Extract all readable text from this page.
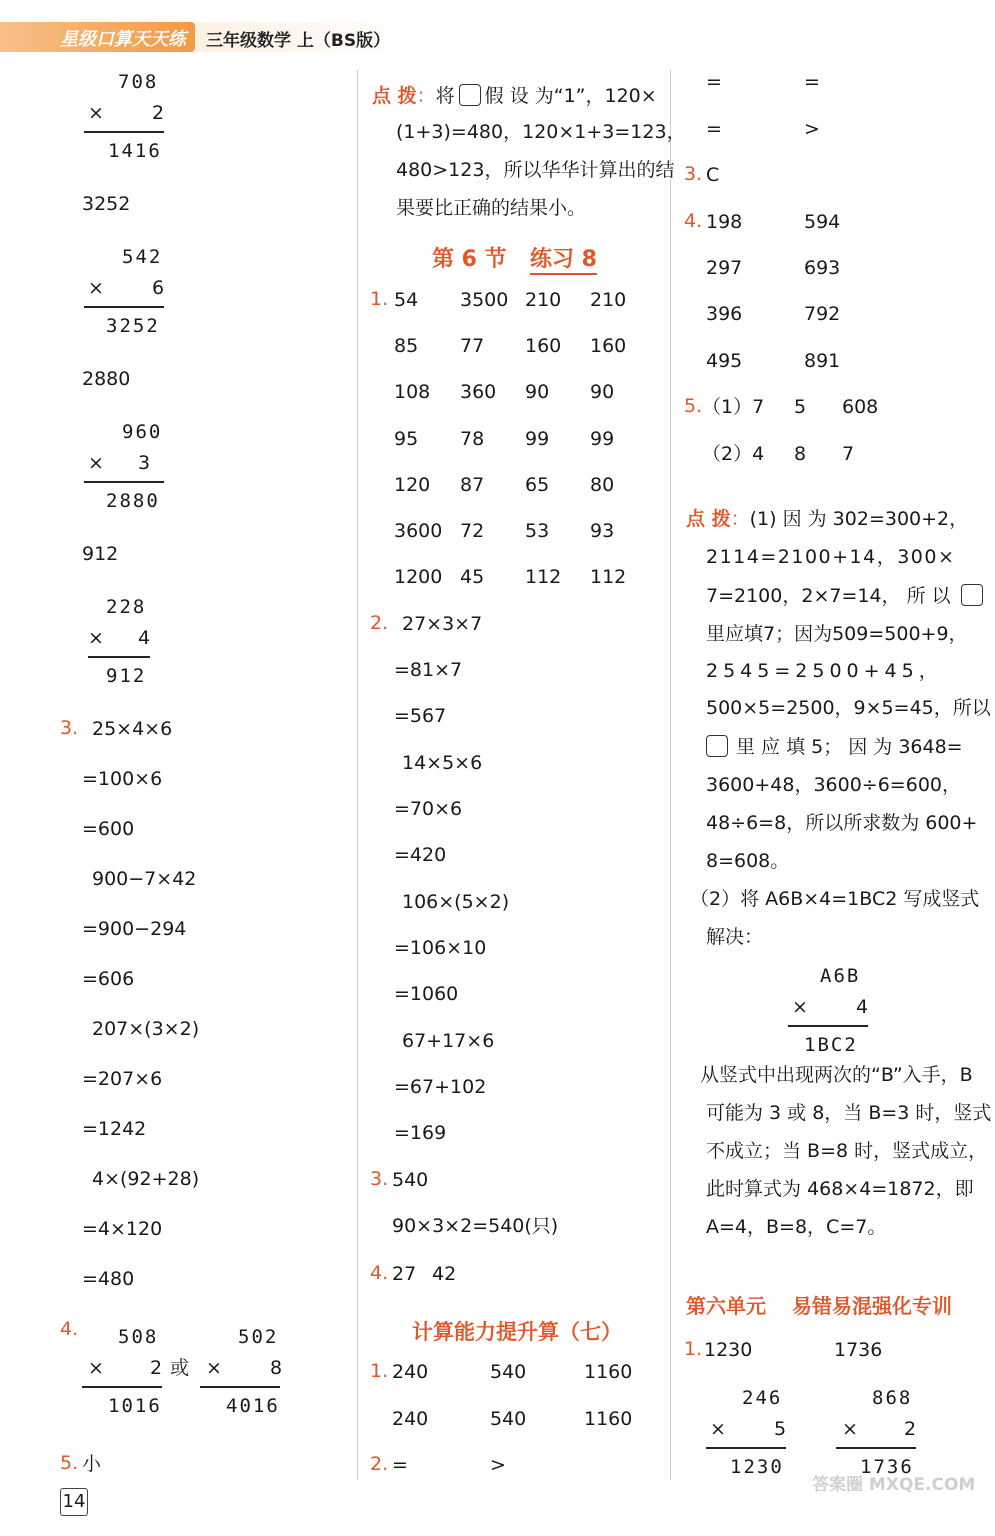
星级口算天天练 三年级数学 上（BS版）
708
×	2
1416
3252
542
×	6
3252
2880
960
× 3
2880
912
228
× 4
912
3. 25×4×6
=100×6
=600
900−7×42
=900−294
=606
207×(3×2)
=207×6
=1242
4×(92+28)
=4×120
=480
4. 508
× 2 或
1016
502
×	8
4016
5. 小
14
点 拨：将 假 设 为“1”，120×
(1+3)=480，120×1+3=123，
480>123，所以华华计算出的结
果要比正确的结果小。
第 6 节 练习 8
1. 54 3500 210 210
85 77 160 160
108 360 90 90
95 78 99 99
120 87 65 80
3600 72 53 93
1200 45 112 112
2. 27×3×7
=81×7
=567
14×5×6
=70×6
=420
106×(5×2)
=106×10
=1060
67+17×6
=67+102
=169
3. 540
90×3×2=540(只)
4. 27 42
计算能力提升算（七）
1. 240	540	1160
240	540	1160
2. =	>
=	=
=	>
3. C
4. 198	594
297	693
396	792
495	891
5. （1）7 5 608
（2）4 8 7
点 拨：(1) 因 为 302=300+2，
2114=2100+14，300×
7=2100，2×7=14， 所 以
里应填7；因为509=500+9，
2545=2500+45，
500×5=2500，9×5=45，所以
里 应 填 5； 因 为 3648=
3600+48，3600÷6=600，
48÷6=8，所以所求数为 600+
8=608。
（2）将 A6B×4=1BC2 写成竖式
解决：
A6B
×	4
1BC2
从竖式中出现两次的“B”入手，B
可能为 3 或 8，当 B=3 时，竖式
不成立；当 B=8 时，竖式成立，
此时算式为 468×4=1872，即
A=4，B=8，C=7。
第六单元 易错易混强化专训
1. 1230	1736
246
×	5
1230
868
× 2
1736
答案圈 MXQE.COM
